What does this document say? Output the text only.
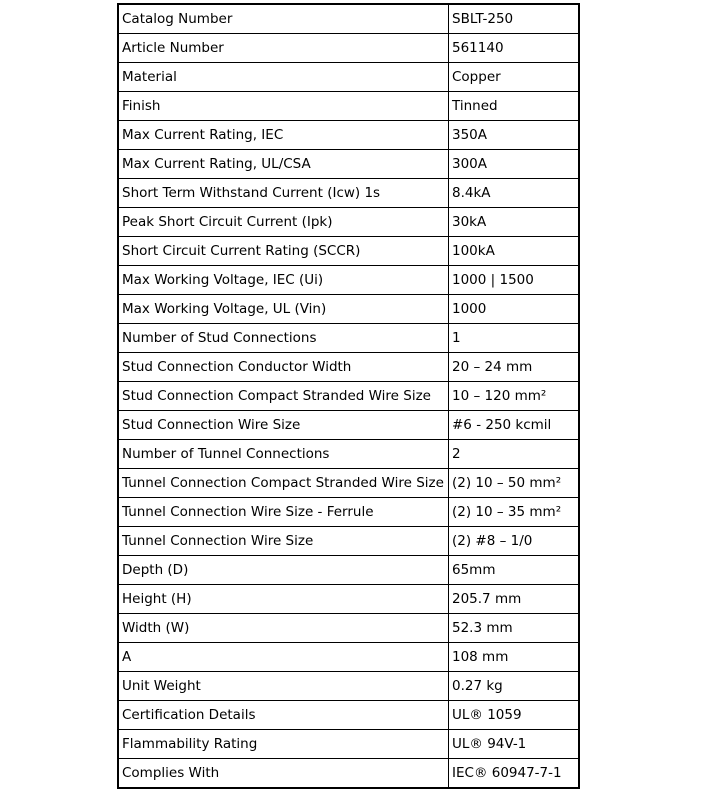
Catalog Number	SBLT-250
Article Number	561140
Material	Copper
Finish	Tinned
Max Current Rating, IEC	350A
Max Current Rating, UL/CSA	300A
Short Term Withstand Current (Icw) 1s	8.4kA
Peak Short Circuit Current (Ipk)	30kA
Short Circuit Current Rating (SCCR)	100kA
Max Working Voltage, IEC (Ui)	1000 | 1500
Max Working Voltage, UL (Vin)	1000
Number of Stud Connections	1
Stud Connection Conductor Width	20 – 24 mm
Stud Connection Compact Stranded Wire Size	10 – 120 mm²
Stud Connection Wire Size	#6 - 250 kcmil
Number of Tunnel Connections	2
Tunnel Connection Compact Stranded Wire Size	(2) 10 – 50 mm²
Tunnel Connection Wire Size - Ferrule	(2) 10 – 35 mm²
Tunnel Connection Wire Size	(2) #8 – 1/0
Depth (D)	65mm
Height (H)	205.7 mm
Width (W)	52.3 mm
A	108 mm
Unit Weight	0.27 kg
Certification Details	UL® 1059
Flammability Rating	UL® 94V-1
Complies With	IEC® 60947-7-1
